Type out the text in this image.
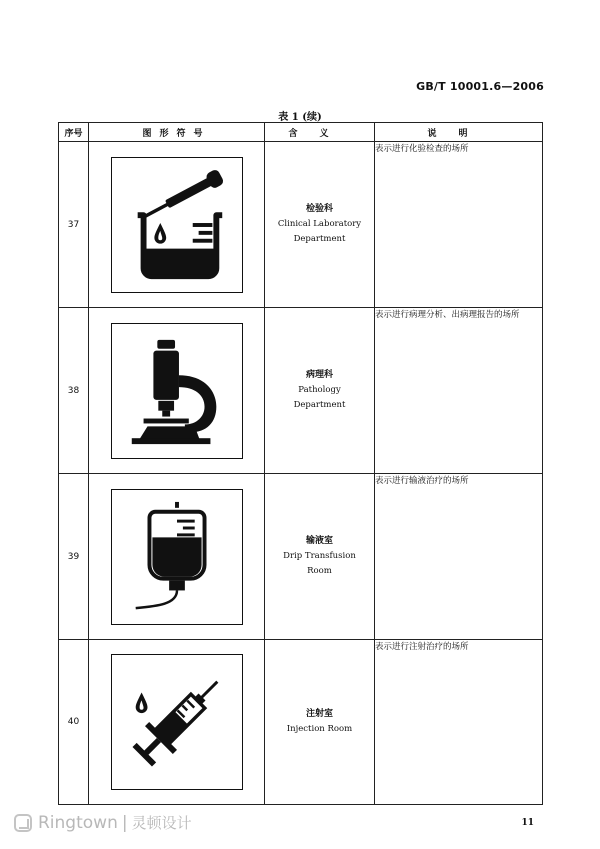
GB/T 10001.6—2006
表 1 (续)
序号	图形符号	含义	说明
37		检验科
Clinical Laboratory
Department	表示进行化验检查的场所
38		病理科
Pathology
Department	表示进行病理分析、出病理报告的场所
39		输液室
Drip Transfusion
Room	表示进行输液治疗的场所
40		注射室
Injection Room	表示进行注射治疗的场所
Ringtown | 灵顿设计	11
